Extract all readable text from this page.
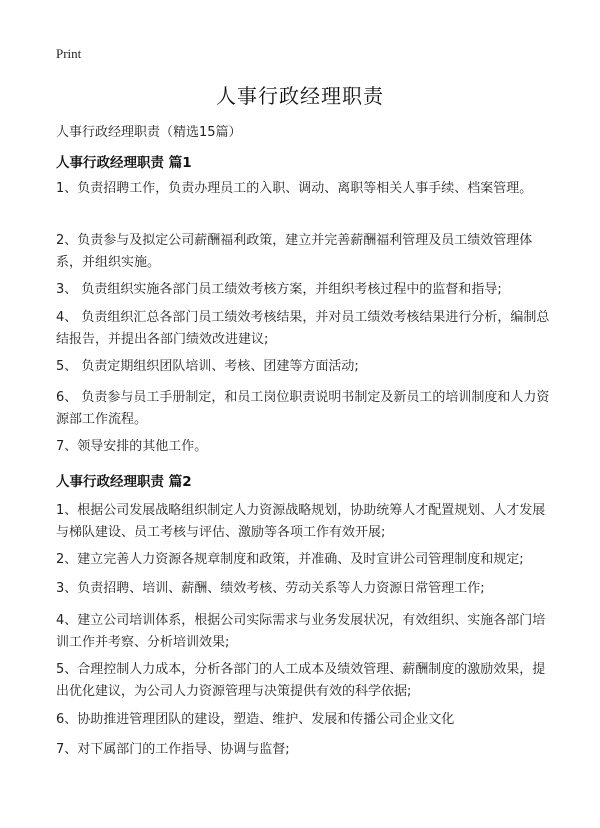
Print
人事行政经理职责
人事行政经理职责（精选15篇）
人事行政经理职责 篇1
1、负责招聘工作，负责办理员工的入职、调动、离职等相关人事手续、档案管理。
2、负责参与及拟定公司薪酬福利政策，建立并完善薪酬福利管理及员工绩效管理体系，并组织实施。
3、 负责组织实施各部门员工绩效考核方案，并组织考核过程中的监督和指导;
4、 负责组织汇总各部门员工绩效考核结果，并对员工绩效考核结果进行分析，编制总结报告，并提出各部门绩效改进建议;
5、 负责定期组织团队培训、考核、团建等方面活动;
6、 负责参与员工手册制定，和员工岗位职责说明书制定及新员工的培训制度和人力资源部工作流程。
7、领导安排的其他工作。
人事行政经理职责 篇2
1、根据公司发展战略组织制定人力资源战略规划，协助统筹人才配置规划、人才发展与梯队建设、员工考核与评估、激励等各项工作有效开展;
2、建立完善人力资源各规章制度和政策，并准确、及时宣讲公司管理制度和规定;
3、负责招聘、培训、薪酬、绩效考核、劳动关系等人力资源日常管理工作;
4、建立公司培训体系，根据公司实际需求与业务发展状况，有效组织、实施各部门培训工作并考察、分析培训效果;
5、合理控制人力成本，分析各部门的人工成本及绩效管理、薪酬制度的激励效果，提出优化建议，为公司人力资源管理与决策提供有效的科学依据;
6、协助推进管理团队的建设，塑造、维护、发展和传播公司企业文化
7、对下属部门的工作指导、协调与监督;
